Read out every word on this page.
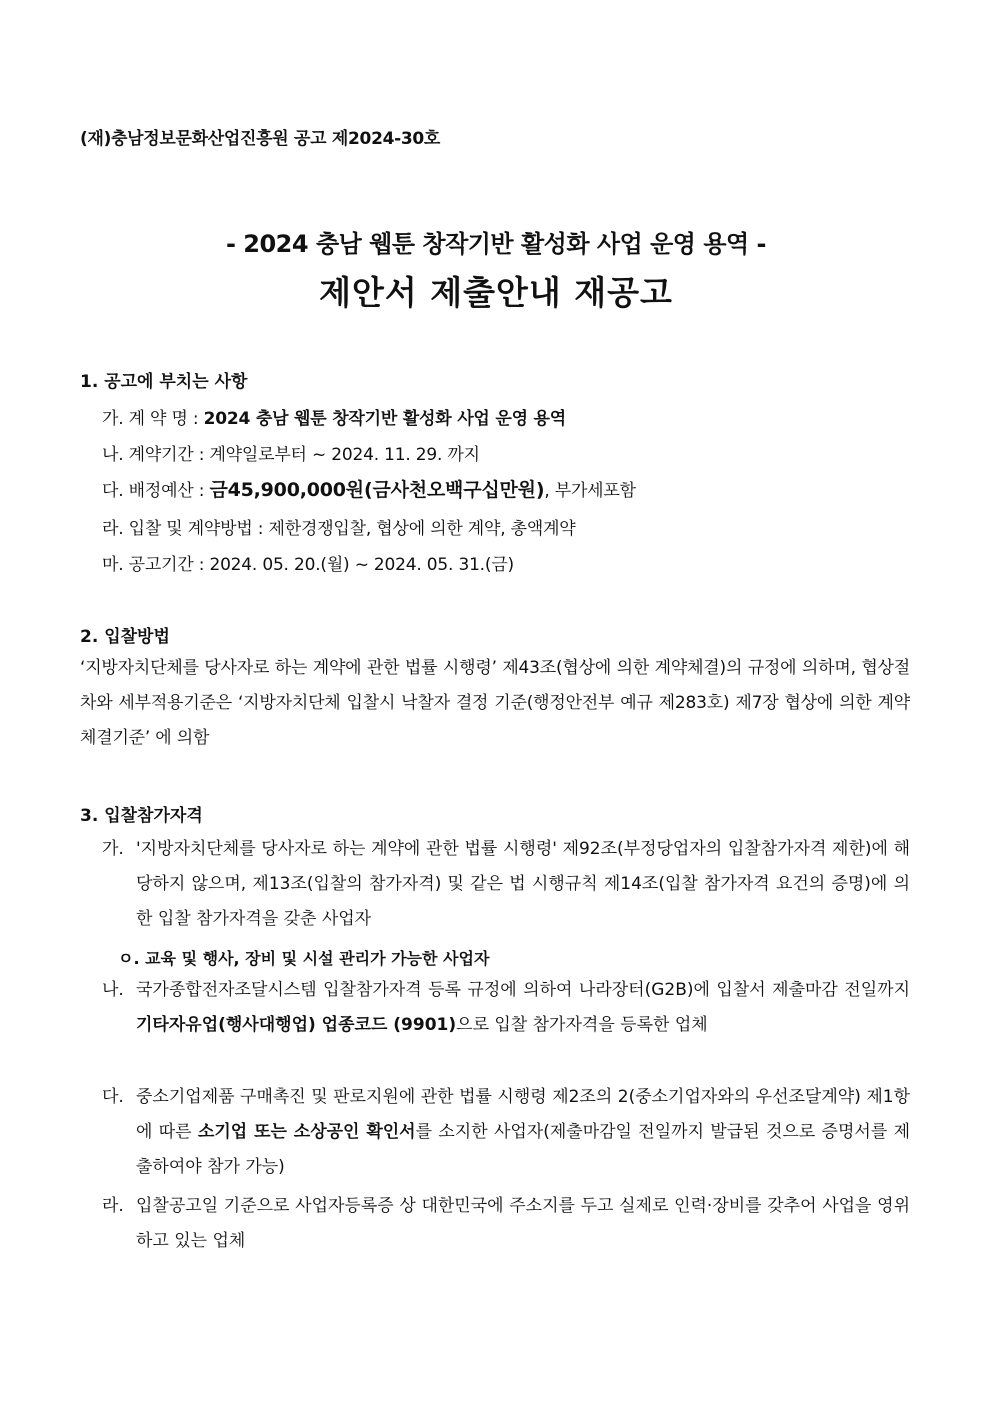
(재)충남정보문화산업진흥원 공고 제2024-30호
- 2024 충남 웹툰 창작기반 활성화 사업 운영 용역 -
제안서 제출안내 재공고
1. 공고에 부치는 사항
가. 계 약 명 : 2024 충남 웹툰 창작기반 활성화 사업 운영 용역
나. 계약기간 : 계약일로부터 ~ 2024. 11. 29. 까지
다. 배정예산 : 금45,900,000원(금사천오백구십만원), 부가세포함
라. 입찰 및 계약방법 : 제한경쟁입찰, 협상에 의한 계약, 총액계약
마. 공고기간 : 2024. 05. 20.(월) ~ 2024. 05. 31.(금)
2. 입찰방법
‘지방자치단체를 당사자로 하는 계약에 관한 법률 시행령’ 제43조(협상에 의한 계약체결)의 규정에 의하며, 협상절차와 세부적용기준은 ‘지방자치단체 입찰시 낙찰자 결정 기준(행정안전부 예규 제283호) 제7장 협상에 의한 계약체결기준’ 에 의함
3. 입찰참가자격
가. '지방자치단체를 당사자로 하는 계약에 관한 법률 시행령' 제92조(부정당업자의 입찰참가자격 제한)에 해당하지 않으며, 제13조(입찰의 참가자격) 및 같은 법 시행규칙 제14조(입찰 참가자격 요건의 증명)에 의한 입찰 참가자격을 갖춘 사업자
ㅇ. 교육 및 행사, 장비 및 시설 관리가 가능한 사업자
나. 국가종합전자조달시스템 입찰참가자격 등록 규정에 의하여 나라장터(G2B)에 입찰서 제출마감 전일까지 기타자유업(행사대행업) 업종코드 (9901)으로 입찰 참가자격을 등록한 업체
다. 중소기업제품 구매촉진 및 판로지원에 관한 법률 시행령 제2조의 2(중소기업자와의 우선조달계약) 제1항에 따른 소기업 또는 소상공인 확인서를 소지한 사업자(제출마감일 전일까지 발급된 것으로 증명서를 제출하여야 참가 가능)
라. 입찰공고일 기준으로 사업자등록증 상 대한민국에 주소지를 두고 실제로 인력·장비를 갖추어 사업을 영위하고 있는 업체
